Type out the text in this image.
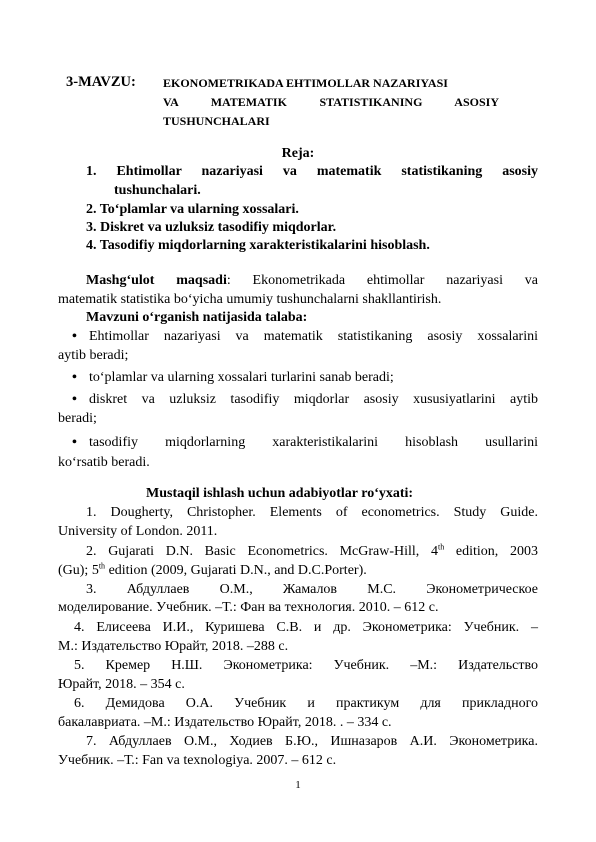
3-MAVZU: EKONOMETRIKADA EHTIMOLLAR NAZARIYASI
VA MATEMATIK STATISTIKANING ASOSIY
TUSHUNCHALARI
Reja:
1. Ehtimollar nazariyasi va matematik statistikaning asosiy
tushunchalari.
2. To‘plamlar va ularning xossalari.
3. Diskret va uzluksiz tasodifiy miqdorlar.
4. Tasodifiy miqdorlarning xarakteristikalarini hisoblash.
Mashg‘ulot maqsadi: Ekonometrikada ehtimollar nazariyasi va
matematik statistika bo‘yicha umumiy tushunchalarni shakllantirish.
Mavzuni o‘rganish natijasida talaba:
• Ehtimollar nazariyasi va matematik statistikaning asosiy xossalarini
aytib beradi;
• to‘plamlar va ularning xossalari turlarini sanab beradi;
• diskret va uzluksiz tasodifiy miqdorlar asosiy xususiyatlarini aytib
beradi;
• tasodifiy miqdorlarning xarakteristikalarini hisoblash usullarini
ko‘rsatib beradi.
Mustaqil ishlash uchun adabiyotlar ro‘yxati:
1. Dougherty, Christopher. Elements of econometrics. Study Guide.
University of London. 2011.
2. Gujarati D.N. Basic Econometrics. McGraw-Hill, 4th edition, 2003
(Gu); 5th edition (2009, Gujarati D.N., and D.C.Porter).
3. Абдуллаев О.М., Жамалов М.С. Эконометрическое
моделирование. Учебник. –Т.: Фан ва технология. 2010. – 612 с.
4. Елисеева И.И., Куришева С.В. и др. Эконометрика: Учебник. –
М.: Издательство Юрайт, 2018. –288 с.
5. Кремер Н.Ш. Эконометрика: Учебник. –М.: Издательство
Юрайт, 2018. – 354 с.
6. Демидова О.А. Учебник и практикум для прикладного
бакалавриата. –М.: Издательство Юрайт, 2018. . – 334 с.
7. Абдуллаев О.М., Ходиев Б.Ю., Ишназаров А.И. Эконометрика.
Учебник. –Т.: Fan va texnologiya. 2007. – 612 с.
1
